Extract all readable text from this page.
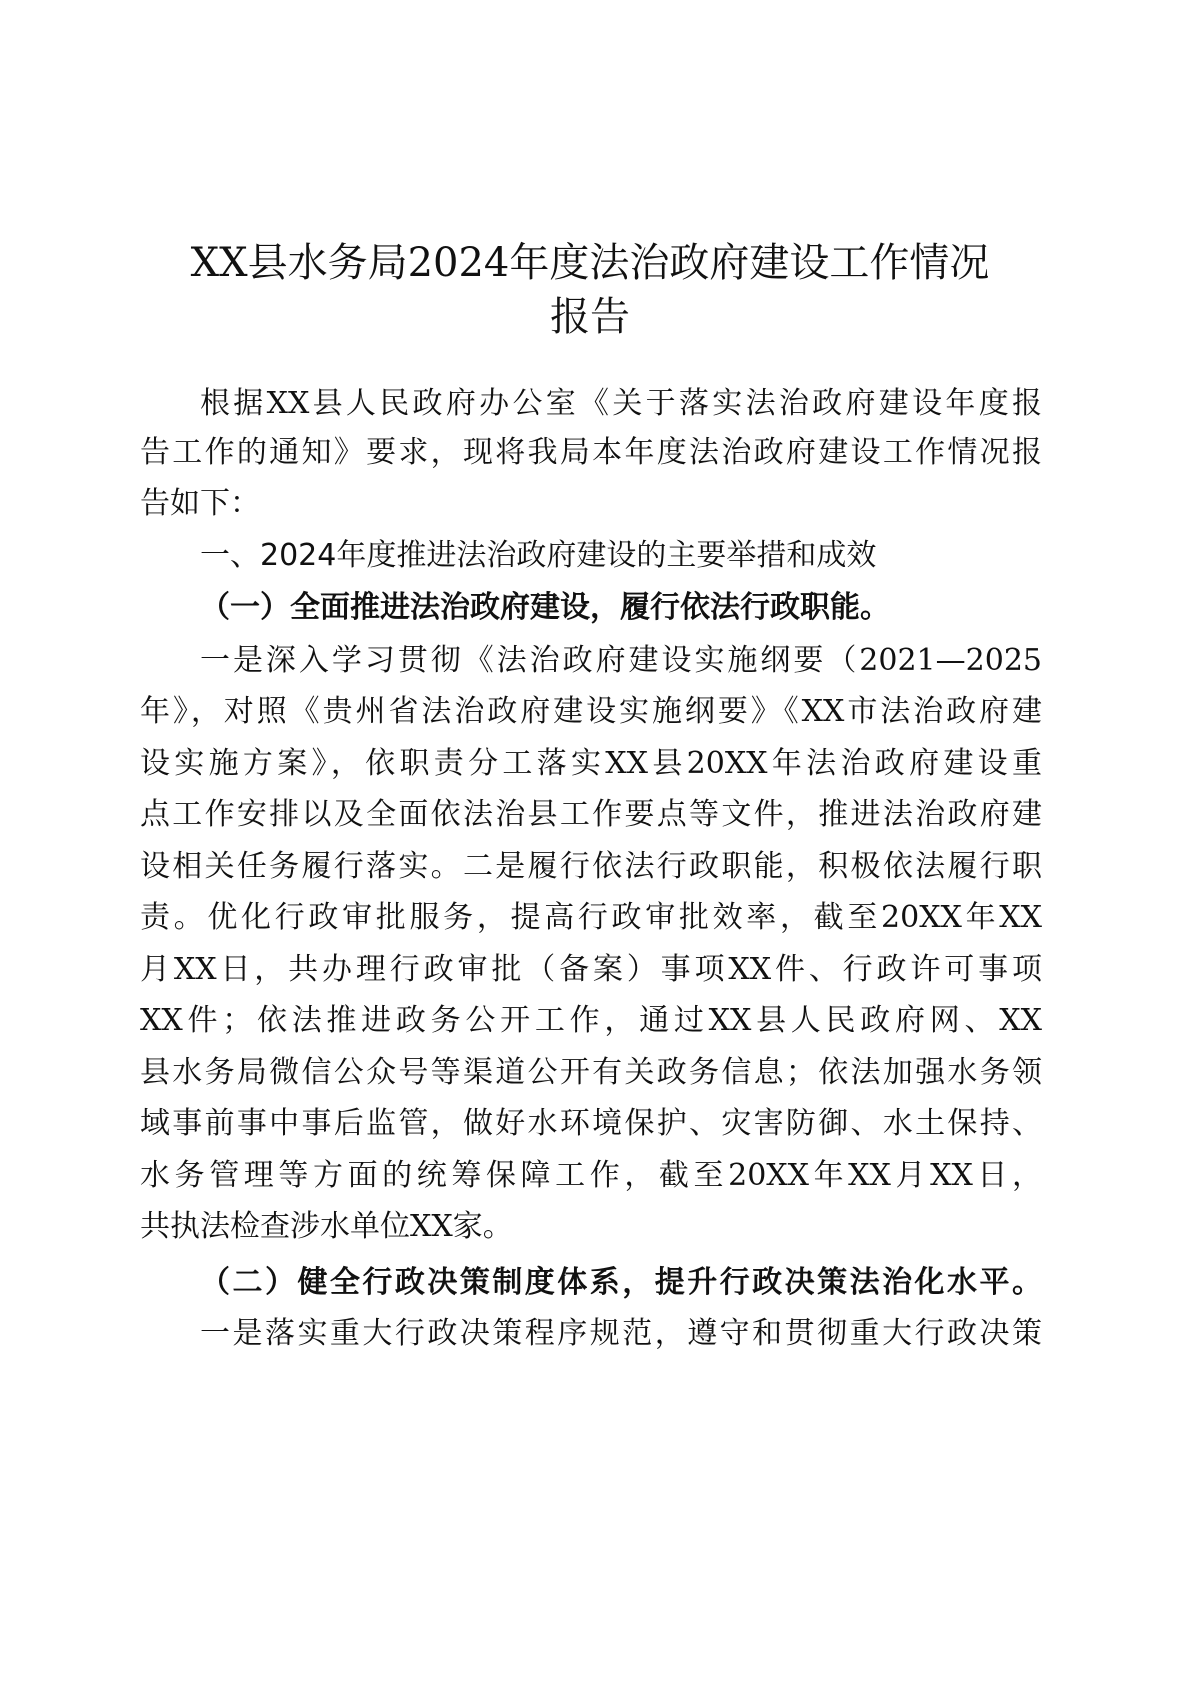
XX县水务局2024年度法治政府建设工作情况
报告
根据XX县人民政府办公室《关于落实法治政府建设年度报
告工作的通知》要求，现将我局本年度法治政府建设工作情况报
告如下：
一、2024年度推进法治政府建设的主要举措和成效
（一）全面推进法治政府建设，履行依法行政职能。
一是深入学习贯彻《法治政府建设实施纲要（2021—2025
年》，对照《贵州省法治政府建设实施纲要》《XX市法治政府建
设实施方案》，依职责分工落实XX县20XX年法治政府建设重
点工作安排以及全面依法治县工作要点等文件，推进法治政府建
设相关任务履行落实。二是履行依法行政职能，积极依法履行职
责。优化行政审批服务，提高行政审批效率，截至20XX年XX
月XX日，共办理行政审批（备案）事项XX件、行政许可事项
XX件；依法推进政务公开工作，通过XX县人民政府网、XX
县水务局微信公众号等渠道公开有关政务信息；依法加强水务领
域事前事中事后监管，做好水环境保护、灾害防御、水土保持、
水务管理等方面的统筹保障工作，截至20XX年XX月XX日，
共执法检查涉水单位XX家。
（二）健全行政决策制度体系，提升行政决策法治化水平。
一是落实重大行政决策程序规范，遵守和贯彻重大行政决策
